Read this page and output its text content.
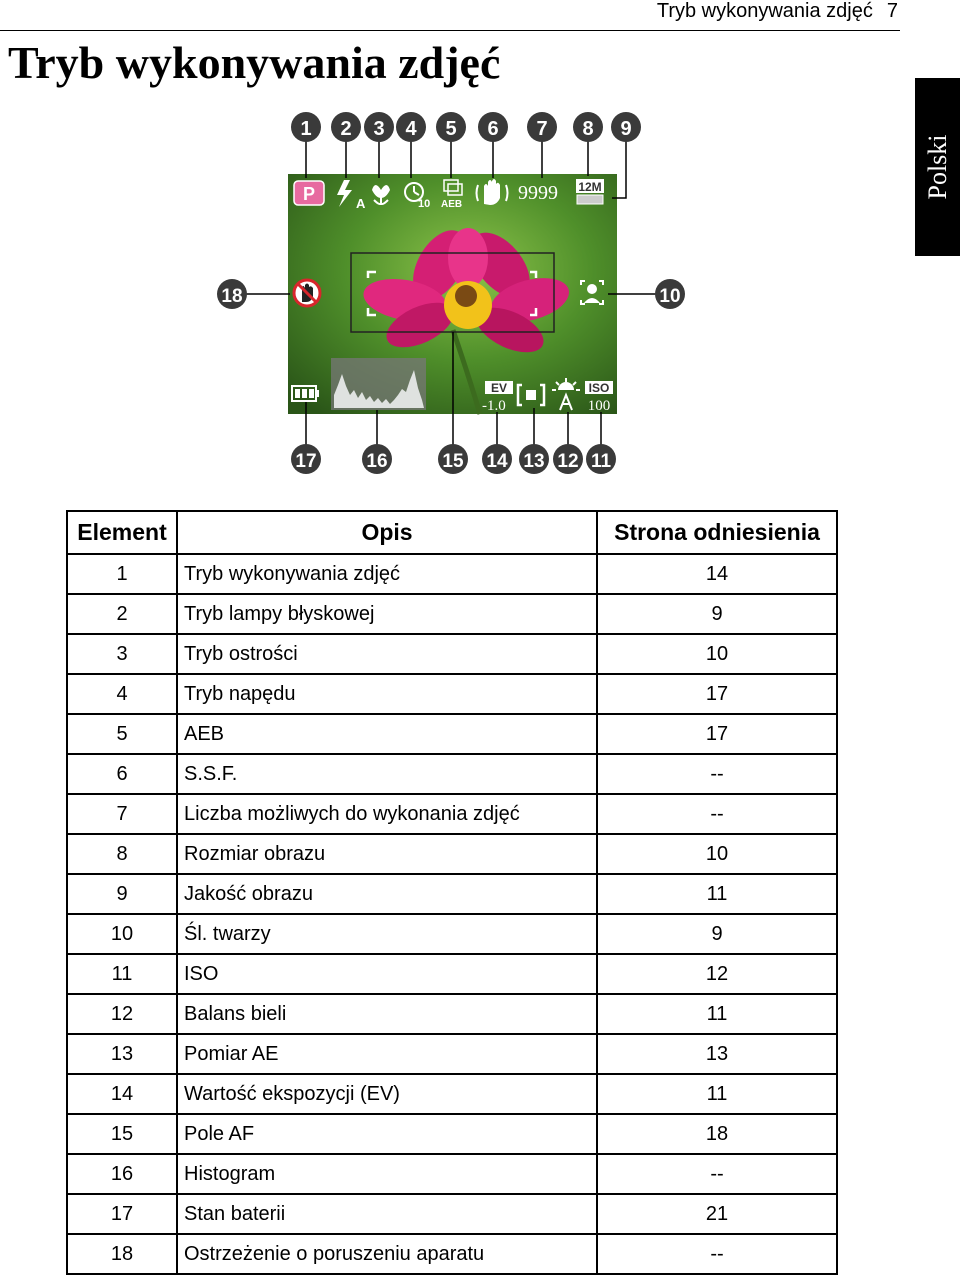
Tryb wykonywania zdjęć 7
Tryb wykonywania zdjęć
Polski
P	A	10 AEB
9999 12M
EV
-1.0
ISO
100
1 2 3 4 5 6 7 8 9
18	10
17	16	15 14 13 12 11
Element	Opis	Strona odniesienia
1	Tryb wykonywania zdjęć	14
2	Tryb lampy błyskowej	9
3	Tryb ostrości	10
4	Tryb napędu	17
5	AEB	17
6	S.S.F.	--
7	Liczba możliwych do wykonania zdjęć	--
8	Rozmiar obrazu	10
9	Jakość obrazu	11
10	Śl. twarzy	9
11	ISO	12
12	Balans bieli	11
13	Pomiar AE	13
14	Wartość ekspozycji (EV)	11
15	Pole AF	18
16	Histogram	--
17	Stan baterii	21
18	Ostrzeżenie o poruszeniu aparatu	--
